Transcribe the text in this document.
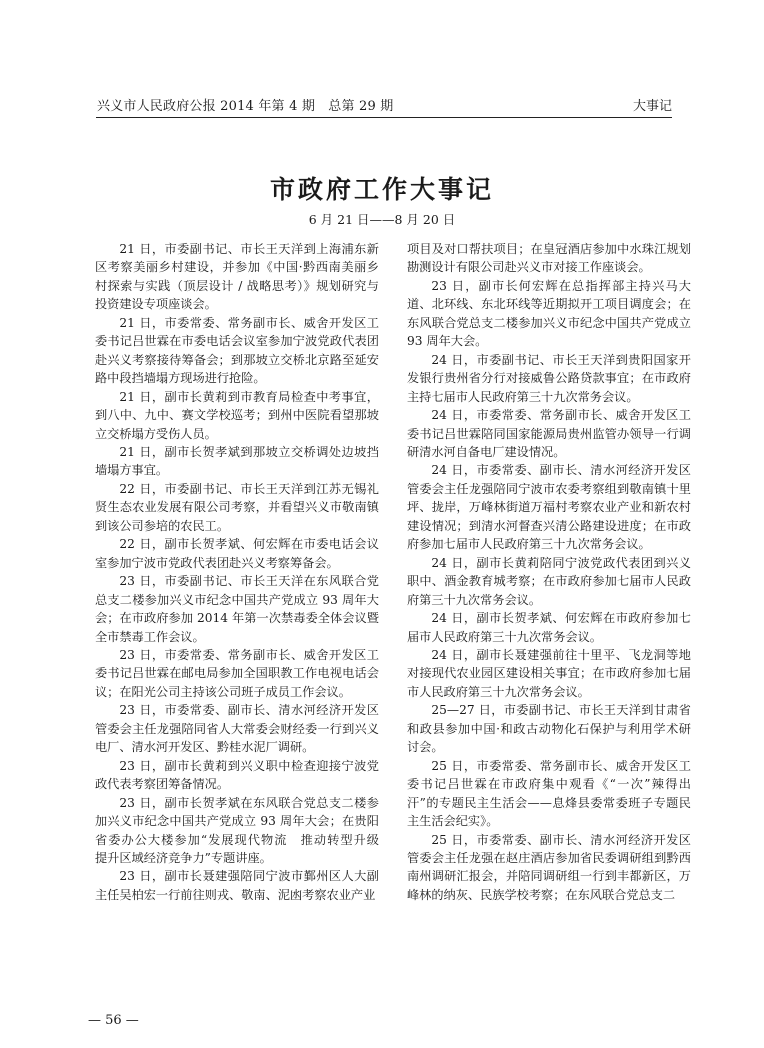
兴义市人民政府公报 2014 年第 4 期　总第 29 期	大事记
市政府工作大事记
6 月 21 日——8 月 20 日

21 日，市委副书记、市长王天洋到上海浦东新区考察美丽乡村建设，并参加《中国·黔西南美丽乡村探索与实践（顶层设计 / 战略思考）》规划研究与投资建设专项座谈会。

21 日，市委常委、常务副市长、威舍开发区工委书记吕世霖在市委电话会议室参加宁波党政代表团赴兴义考察接待筹备会；到那坡立交桥北京路至延安路中段挡墙塌方现场进行抢险。

21 日，副市长黄莉到市教育局检查中考事宜，到八中、九中、赛文学校巡考；到州中医院看望那坡立交桥塌方受伤人员。

21 日，副市长贺孝斌到那坡立交桥调处边坡挡墙塌方事宜。

22 日，市委副书记、市长王天洋到江苏无锡礼贤生态农业发展有限公司考察，并看望兴义市敬南镇到该公司参培的农民工。

22 日，副市长贺孝斌、何宏辉在市委电话会议室参加宁波市党政代表团赴兴义考察筹备会。

23 日，市委副书记、市长王天洋在东风联合党总支二楼参加兴义市纪念中国共产党成立 93 周年大会；在市政府参加 2014 年第一次禁毒委全体会议暨全市禁毒工作会议。

23 日，市委常委、常务副市长、威舍开发区工委书记吕世霖在邮电局参加全国职教工作电视电话会议；在阳光公司主持该公司班子成员工作会议。

23 日，市委常委、副市长、清水河经济开发区管委会主任龙强陪同省人大常委会财经委一行到兴义电厂、清水河开发区、黔桂水泥厂调研。

23 日，副市长黄莉到兴义职中检查迎接宁波党政代表考察团筹备情况。

23 日，副市长贺孝斌在东风联合党总支二楼参加兴义市纪念中国共产党成立 93 周年大会；在贵阳省委办公大楼参加“发展现代物流　推动转型升级　提升区域经济竞争力”专题讲座。

23 日，副市长聂建强陪同宁波市鄞州区人大副主任吴柏宏一行前往则戎、敬南、泥凼考察农业产业

项目及对口帮扶项目；在皇冠酒店参加中水珠江规划勘测设计有限公司赴兴义市对接工作座谈会。

23 日，副市长何宏辉在总指挥部主持兴马大道、北环线、东北环线等近期拟开工项目调度会；在东风联合党总支二楼参加兴义市纪念中国共产党成立 93 周年大会。

24 日，市委副书记、市长王天洋到贵阳国家开发银行贵州省分行对接威鲁公路贷款事宜；在市政府主持七届市人民政府第三十九次常务会议。

24 日，市委常委、常务副市长、威舍开发区工委书记吕世霖陪同国家能源局贵州监管办领导一行调研清水河自备电厂建设情况。

24 日，市委常委、副市长、清水河经济开发区管委会主任龙强陪同宁波市农委考察组到敬南镇十里坪、拢岸，万峰林街道万福村考察农业产业和新农村建设情况；到清水河督查兴清公路建设进度；在市政府参加七届市人民政府第三十九次常务会议。

24 日，副市长黄莉陪同宁波党政代表团到兴义职中、酒金教育城考察；在市政府参加七届市人民政府第三十九次常务会议。

24 日，副市长贺孝斌、何宏辉在市政府参加七届市人民政府第三十九次常务会议。

24 日，副市长聂建强前往十里平、飞龙洞等地对接现代农业园区建设相关事宜；在市政府参加七届市人民政府第三十九次常务会议。

25—27 日，市委副书记、市长王天洋到甘肃省和政县参加中国·和政古动物化石保护与利用学术研讨会。

25 日，市委常委、常务副市长、威舍开发区工委书记吕世霖在市政府集中观看《“一次”辣得出汗”的专题民主生活会——息烽县委常委班子专题民主生活会纪实》。

25 日，市委常委、副市长、清水河经济开发区管委会主任龙强在赵庄酒店参加省民委调研组到黔西南州调研汇报会，并陪同调研组一行到丰都新区，万峰林的纳灰、民族学校考察；在东风联合党总支二

— 56 —
